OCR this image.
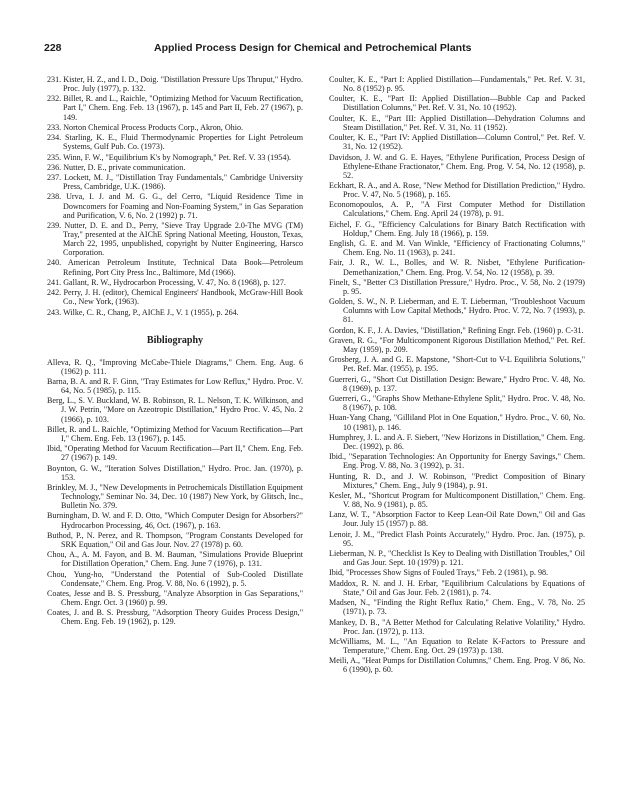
228	Applied Process Design for Chemical and Petrochemical Plants

231. Kister, H. Z., and I. D., Doig. "Distillation Pressure Ups Thruput," Hydro. Proc. July (1977), p. 132.

232. Billet, R. and L., Raichle, "Optimizing Method for Vacuum Rectification, Part I," Chem. Eng. Feb. 13 (1967), p. 145 and Part II, Feb. 27 (1967), p. 149.

233. Norton Chemical Process Products Corp., Akron, Ohio.

234. Starling, K. E., Fluid Thermodynamic Properties for Light Petroleum Systems, Gulf Pub. Co. (1973).

235. Winn, F. W., "Equilibrium K's by Nomograph," Pet. Ref. V. 33 (1954).

236. Nutter, D. E., private communication.

237. Lockett, M. J., "Distillation Tray Fundamentals," Cambridge University Press, Cambridge, U.K. (1986).

238. Urva, I. J. and M. G. G., del Cerro, "Liquid Residence Time in Downcomers for Foaming and Non-Foaming System," in Gas Separation and Purification, V. 6, No. 2 (1992) p. 71.

239. Nutter, D. E. and D., Perry, "Sieve Tray Upgrade 2.0-The MVG (TM) Tray," presented at the AIChE Spring National Meeting, Houston, Texas, March 22, 1995, unpublished, copyright by Nutter Engineering, Harsco Corporation.

240. American Petroleum Institute, Technical Data Book—Petroleum Refining, Port City Press Inc., Baltimore, Md (1966).

241. Gallant, R. W., Hydrocarbon Processing, V. 47, No. 8 (1968), p. 127.

242. Perry, J. H. (editor), Chemical Engineers' Handbook, McGraw-Hill Book Co., New York, (1963).

243. Wilke, C. R., Chang, P., AIChE J., V. 1 (1955), p. 264.

Bibliography

Alleva, R. Q., "Improving McCabe-Thiele Diagrams," Chem. Eng. Aug. 6 (1962) p. 111.

Barna, B. A. and R. F. Ginn, "Tray Estimates for Low Reflux," Hydro. Proc. V. 64, No. 5 (1985), p. 115.

Berg, L., S. V. Buckland, W. B. Robinson, R. L. Nelson, T. K. Wilkinson, and J. W. Petrin, "More on Azeotropic Distillation," Hydro Proc. V. 45, No. 2 (1966), p. 103.

Billet, R. and L. Raichle, "Optimizing Method for Vacuum Rectification—Part I," Chem. Eng. Feb. 13 (1967), p. 145.

Ibid, "Operating Method for Vacuum Rectification—Part II," Chem. Eng. Feb. 27 (1967) p. 149.

Boynton, G. W., "Iteration Solves Distillation," Hydro. Proc. Jan. (1970), p. 153.

Brinkley, M. J., "New Developments in Petrochemicals Distillation Equipment Technology," Seminar No. 34, Dec. 10 (1987) New York, by Glitsch, Inc., Bulletin No. 379.

Burningham, D. W. and F. D. Otto, "Which Computer Design for Absorbers?" Hydrocarbon Processing, 46, Oct. (1967), p. 163.

Buthod, P., N. Perez, and R. Thompson, "Program Constants Developed for SRK Equation," Oil and Gas Jour. Nov. 27 (1978) p. 60.

Chou, A., A. M. Fayon, and B. M. Bauman, "Simulations Provide Blueprint for Distillation Operation," Chem. Eng. June 7 (1976), p. 131.

Chou, Yung-ho, "Understand the Potential of Sub-Cooled Distillate Condensate," Chem. Eng. Prog. V. 88, No. 6 (1992), p. 5.

Coates, Jesse and B. S. Pressburg, "Analyze Absorption in Gas Separations," Chem. Engr. Oct. 3 (1960) p. 99.

Coates, J. and B. S. Pressburg, "Adsorption Theory Guides Process Design," Chem. Eng. Feb. 19 (1962), p. 129.

Coulter, K. E., "Part I: Applied Distillation—Fundamentals," Pet. Ref. V. 31, No. 8 (1952) p. 95.

Coulter, K. E., "Part II: Applied Distillation—Bubble Cap and Packed Distillation Columns," Pet. Ref. V. 31, No. 10 (1952).

Coulter, K. E., "Part III: Applied Distillation—Dehydration Columns and Steam Distillation," Pet. Ref. V. 31, No. 11 (1952).

Coulter, K. E., "Part IV: Applied Distillation—Column Control," Pet. Ref. V. 31, No. 12 (1952).

Davidson, J. W. and G. E. Hayes, "Ethylene Purification, Process Design of Ethylene-Ethane Fractionator," Chem. Eng. Prog. V. 54, No. 12 (1958), p. 52.

Eckhart, R. A., and A. Rose, "New Method for Distillation Prediction," Hydro. Proc. V. 47, No. 5 (1968), p. 165.

Economopoulos, A. P., "A First Computer Method for Distillation Calculations," Chem. Eng. April 24 (1978), p. 91.

Eichel, F. G., "Efficiency Calculations for Binary Batch Rectification with Holdup," Chem. Eng. July 18 (1966), p. 159.

English, G. E. and M. Van Winkle, "Efficiency of Fractionating Columns," Chem. Eng. No. 11 (1963), p. 241.

Fair, J. R., W. L., Bolles, and W. R. Nisbet, "Ethylene Purification-Demethanization," Chem. Eng. Prog. V. 54, No. 12 (1958), p. 39.

Finelt, S., "Better C3 Distillation Pressure," Hydro. Proc., V. 58, No. 2 (1979) p. 95.

Golden, S. W., N. P. Lieberman, and E. T. Lieberman, "Troubleshoot Vacuum Columns with Low Capital Methods," Hydro. Proc. V. 72, No. 7 (1993), p. 81.

Gordon, K. F., J. A. Davies, "Distillation," Refining Engr. Feb. (1960) p. C-31.

Graven, R. G., "For Multicomponent Rigorous Distillation Method," Pet. Ref. May (1959), p. 209.

Grosberg, J. A. and G. E. Mapstone, "Short-Cut to V-L Equilibria Solutions," Pet. Ref. Mar. (1955), p. 195.

Guerreri, G., "Short Cut Distillation Design: Beware," Hydro Proc. V. 48, No. 8 (1969), p. 137.

Guerreri, G., "Graphs Show Methane-Ethylene Split," Hydro. Proc. V. 48, No. 8 (1967), p. 108.

Huan-Yang Chang, "Gilliland Plot in One Equation," Hydro. Proc., V. 60, No. 10 (1981), p. 146.

Humphrey, J. L. and A. F. Siebert, "New Horizons in Distillation," Chem. Eng. Dec. (1992), p. 86.

Ibid., "Separation Technologies: An Opportunity for Energy Savings," Chem. Eng. Prog. V. 88, No. 3 (1992), p. 31.

Hunting, R. D., and J. W. Robinson, "Predict Composition of Binary Mixtures," Chem. Eng., July 9 (1984), p. 91.

Kesler, M., "Shortcut Program for Multicomponent Distillation," Chem. Eng. V. 88, No. 9 (1981), p. 85.

Lanz, W. T., "Absorption Factor to Keep Lean-Oil Rate Down," Oil and Gas Jour. July 15 (1957) p. 88.

Lenoir, J. M., "Predict Flash Points Accurately," Hydro. Proc. Jan. (1975), p. 95.

Lieberman, N. P., "Checklist Is Key to Dealing with Distillation Troubles," Oil and Gas Jour. Sept. 10 (1979) p. 121.

Ibid, "Processes Show Signs of Fouled Trays," Feb. 2 (1981), p. 98.

Maddox, R. N. and J. H. Erbar, "Equilibrium Calculations by Equations of State," Oil and Gas Jour. Feb. 2 (1981), p. 74.

Madsen, N., "Finding the Right Reflux Ratio," Chem. Eng., V. 78, No. 25 (1971), p. 73.

Mankey, D. B., "A Better Method for Calculating Relative Volatility," Hydro. Proc. Jan. (1972), p. 113.

McWilliams, M. L., "An Equation to Relate K-Factors to Pressure and Temperature," Chem. Eng. Oct. 29 (1973) p. 138.

Meili, A., "Heat Pumps for Distillation Columns," Chem. Eng. Prog. V 86, No. 6 (1990), p. 60.
